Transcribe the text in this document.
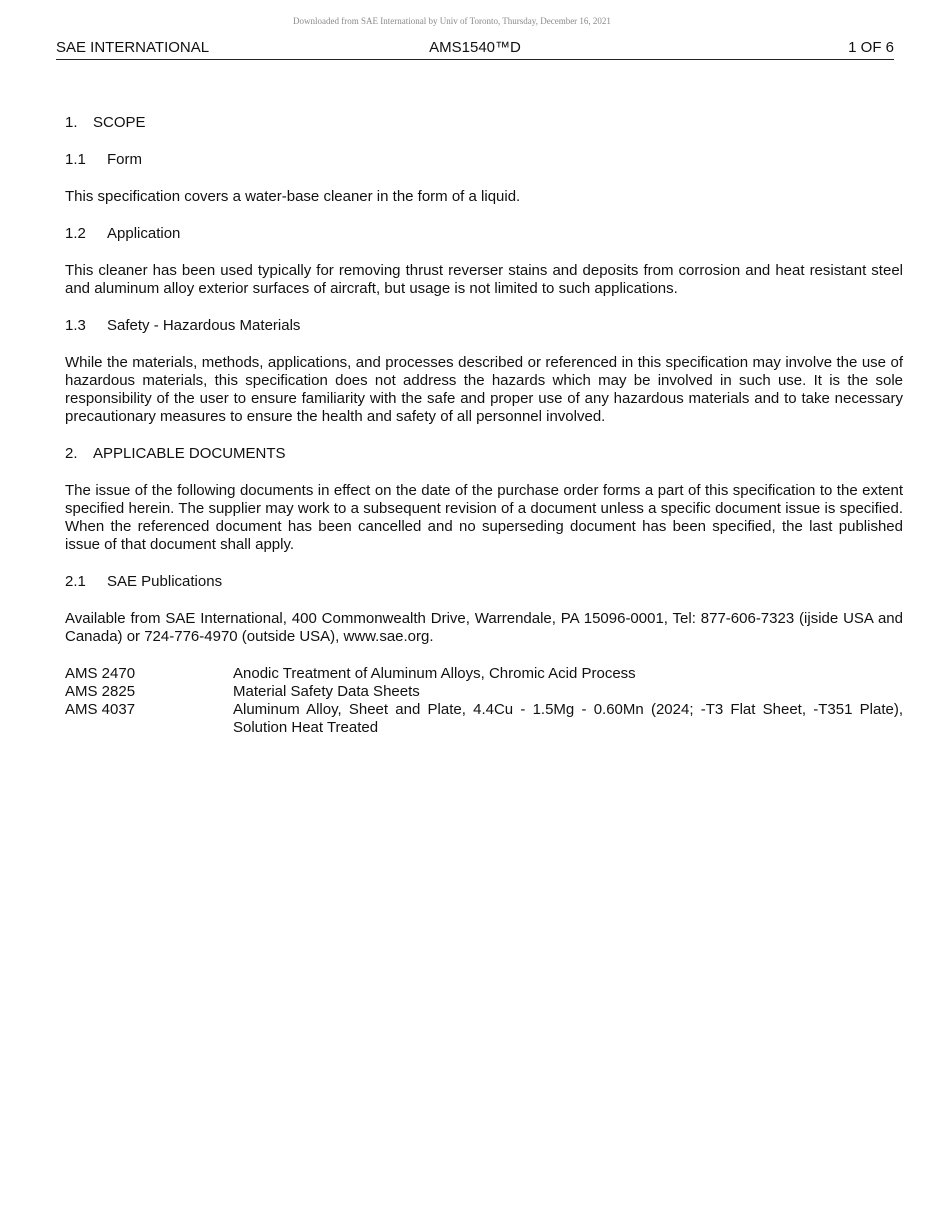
Downloaded from SAE International by Univ of Toronto, Thursday, December 16, 2021
SAE INTERNATIONAL	AMS1540™D	1 OF 6
1. SCOPE
1.1 Form

This specification covers a water-base cleaner in the form of a liquid.

1.2 Application

This cleaner has been used typically for removing thrust reverser stains and deposits from corrosion and heat resistant steel and aluminum alloy exterior surfaces of aircraft, but usage is not limited to such applications.

1.3 Safety - Hazardous Materials

While the materials, methods, applications, and processes described or referenced in this specification may involve the use of hazardous materials, this specification does not address the hazards which may be involved in such use. It is the sole responsibility of the user to ensure familiarity with the safe and proper use of any hazardous materials and to take necessary precautionary measures to ensure the health and safety of all personnel involved.

2. APPLICABLE DOCUMENTS

The issue of the following documents in effect on the date of the purchase order forms a part of this specification to the extent specified herein. The supplier may work to a subsequent revision of a document unless a specific document issue is specified. When the referenced document has been cancelled and no superseding document has been specified, the last published issue of that document shall apply.

2.1 SAE Publications

Available from SAE International, 400 Commonwealth Drive, Warrendale, PA 15096-0001, Tel: 877-606-7323 (ijside USA and Canada) or 724-776-4970 (outside USA), www.sae.org.

AMS 2470	Anodic Treatment of Aluminum Alloys, Chromic Acid Process
AMS 2825	Material Safety Data Sheets
AMS 4037	Aluminum Alloy, Sheet and Plate, 4.4Cu - 1.5Mg - 0.60Mn (2024; -T3 Flat Sheet, -T351 Plate), Solution Heat Treated
